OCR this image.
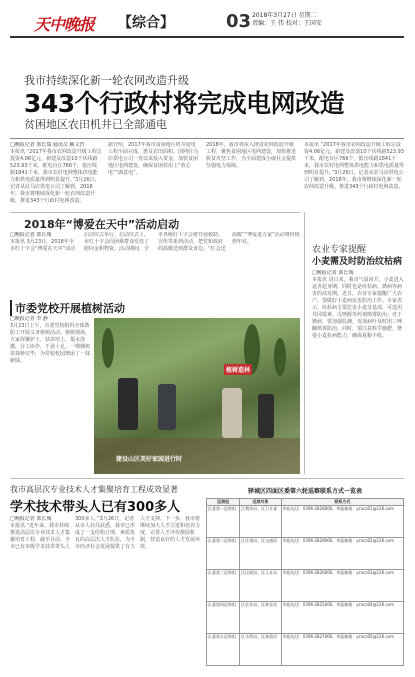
天中晚报 【综合】	03 2018年3月27日 星期二
责编：王 伟 校对：王国安
我市持续深化新一轮农网改造升级
343个行政村将完成电网改造
贫困地区农田机井已全部通电

□晚报记者 郭长瑞 通讯员 臧文哲

本报讯 “2017年我市农网改造升级工程总投资4.06亿元，新建及改造10千伏线路523.93千米，配电台区766个，低压线路1841千米，我市农村电网整体供电能力和供电质量得到明显提升。”3月26日，记者从驻马店供电公司了解到，2018年，我市将继续深化新一轮农网改造升级，推进343个行政村电网改造。

据介绍，2017年我市贫困地区机井通电工程全面完成，惠及农田面积。国网驻马店供电公司一直以来投入资金，加快贫困地区电网建设，确保贫困村用上“放心电”“满意电”。

2018年，我市将深入推进农网改造升级工程，聚焦贫困地区电网建设，加快推进脱贫攻坚工作，为全面建成小康社会提供坚强电力保障。

本报讯 “2017年我市农网改造升级工程总投资4.06亿元，新建及改造10千伏线路523.93千米，配电台区766个，低压线路1841千米，我市农村电网整体供电能力和供电质量得到明显提升。”3月26日，记者从驻马店供电公司了解到，2018年，我市将继续深化新一轮农网改造升级，推进343个行政村电网改造。

2018年“博爱在天中”活动启动

□晚报记者 郭长城

本报讯 3月23日，2018年全市红十字会“博爱在天中”活动启动仪式举行。启动仪式上，市红十字会向困难群众发放了慰问金和物资。活动期间，全市各级红十字会将开展救助、宣传等系列活动，把党和政府的温暖送到群众身边。“红会送温暖”“博爱进万家”活动将持续到年底。

农业专家提醒
小麦需及时防治纹枯病

□晚报记者 郭长城

本报讯 进日来，我市气温回升，小麦进入返青起身期，同时也是纹枯病、锈病等病害的高发期。近日，农业专家提醒广大农户，要做好小麦病虫害防治工作。专家表示，纹枯病主要危害小麦茎基部，可选用井冈霉素、戊唑醇等药剂喷雾防治；对于锈病，要加强监测，发现病叶及时用三唑酮喷雾防治。同时，要注意科学施肥，增强小麦抗病能力，确保夏粮丰收。

市委党校开展植树活动

□晚报记者 李 静

3月23日上午，市委党校组织全体教职工开展义务植树活动。植树现场，大家挥锹铲土、扶苗培土、提水浇灌，分工协作，干劲十足。一棵棵树苗栽种完毕，为党校校园增添了一抹新绿。

植树造林
建设山区美好家园进行时
我市高层次专业技术人才集聚培育工程成效显著
学术技术带头人已有300多人

□晚报记者 郭长城

本报讯 “近年来，我市持续推进高层次专业技术人才集聚培育工程，截至目前，全市已有市级学术技术带头人300多人。”3月26日，记者从市人社局获悉，我市已形成了一支结构合理、素质优良的高层次人才队伍，为全市经济社会发展提供了有力人才支撑。下一步，我市将继续加大人才引进和培养力度，完善人才评价激励机制，营造良好的人才发展环境。

驿城区四面区委第六轮巡察联系方式一览表
巡察组	巡察对象	联系方式
区委第一巡察组	区教体局、区卫计委	举报电话：0396-2828000、举报邮箱：ycxcz01@126.com
区委第二巡察组	区住建局、区交通局	举报电话：0396-2829000、举报邮箱：ycxcz02@126.com
区委第三巡察组	区民政局、区人社局	举报电话：0396-2826000、举报邮箱：ycxcz03@126.com
区委第四巡察组	区农业局、区林业局	举报电话：0396-2825000、举报邮箱：ycxcz04@126.com
区委第五巡察组	区水利局、区畜牧局	举报电话：0396-2827000、举报邮箱：ycxcz05@126.com
